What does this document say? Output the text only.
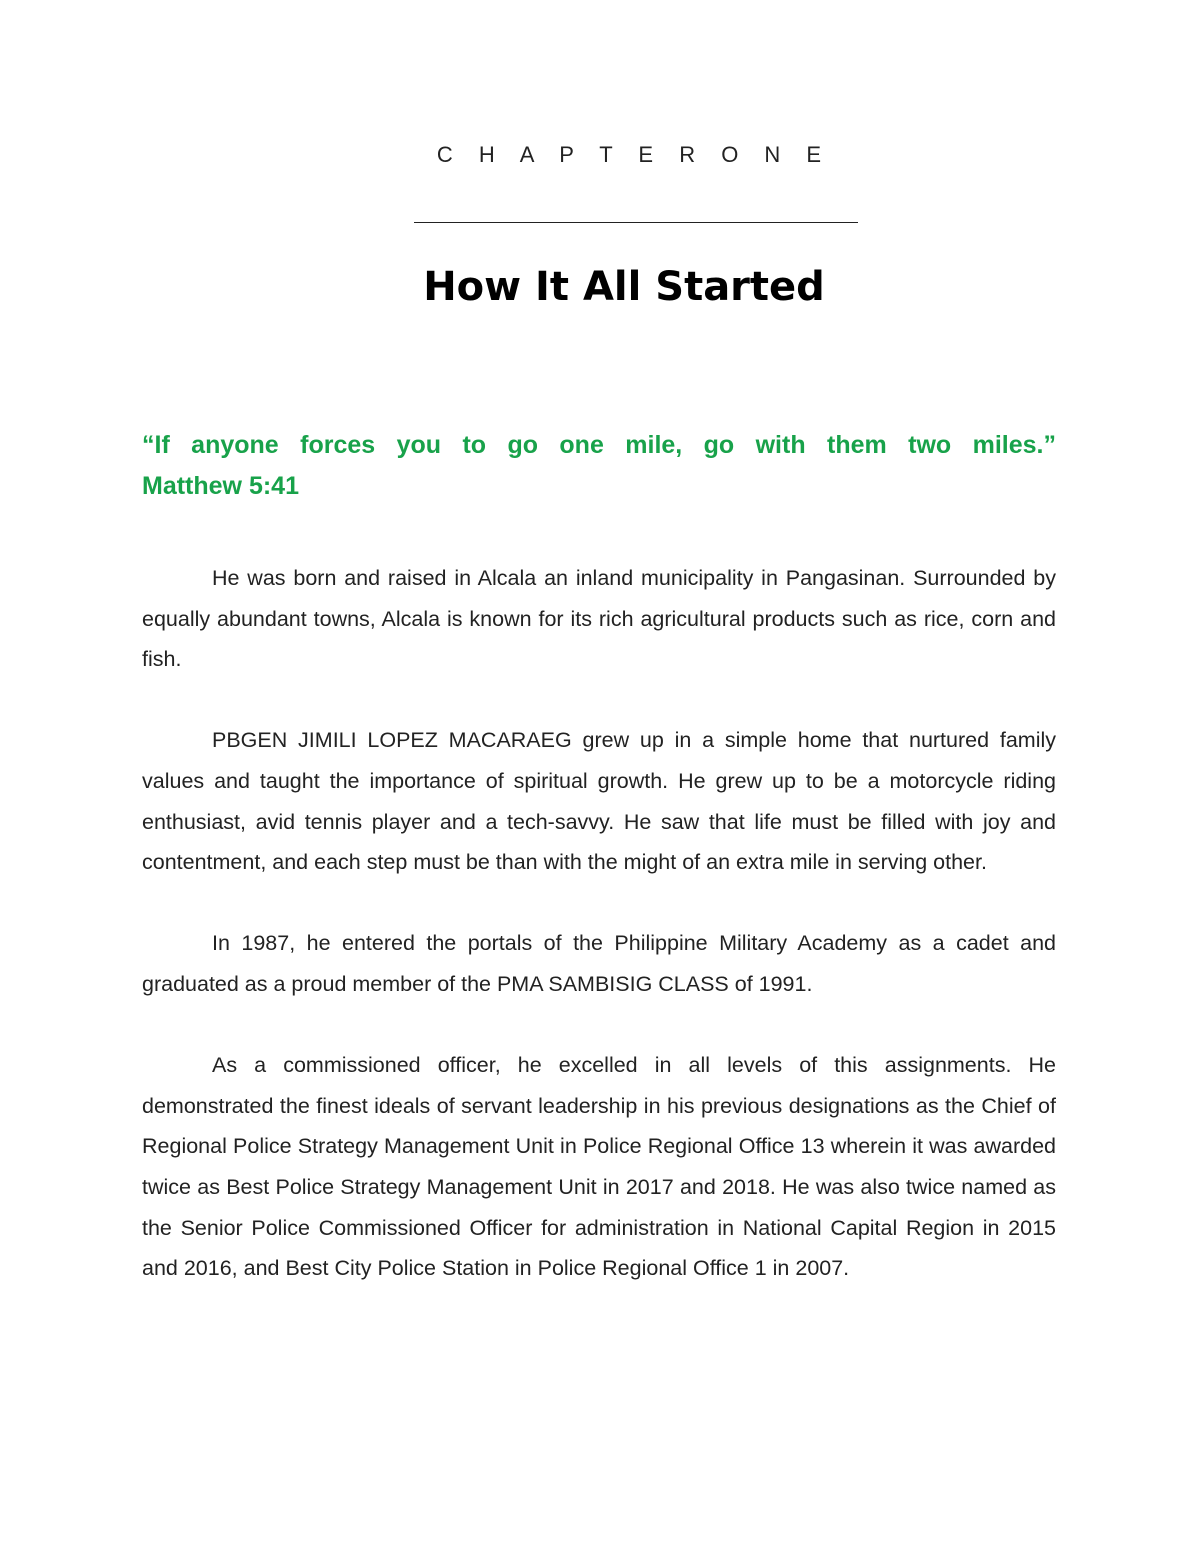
C H A P T E R O N E
How It All Started
“If anyone forces you to go one mile, go with them two miles.”
Matthew 5:41

He was born and raised in Alcala an inland municipality in Pangasinan. Surrounded by equally abundant towns, Alcala is known for its rich agricultural products such as rice, corn and fish.

PBGEN JIMILI LOPEZ MACARAEG grew up in a simple home that nurtured family values and taught the importance of spiritual growth. He grew up to be a motorcycle riding enthusiast, avid tennis player and a tech-savvy. He saw that life must be filled with joy and contentment, and each step must be than with the might of an extra mile in serving other.

In 1987, he entered the portals of the Philippine Military Academy as a cadet and graduated as a proud member of the PMA SAMBISIG CLASS of 1991.

As a commissioned officer, he excelled in all levels of this assignments. He demonstrated the finest ideals of servant leadership in his previous designations as the Chief of Regional Police Strategy Management Unit in Police Regional Office 13 wherein it was awarded twice as Best Police Strategy Management Unit in 2017 and 2018. He was also twice named as the Senior Police Commissioned Officer for administration in National Capital Region in 2015 and 2016, and Best City Police Station in Police Regional Office 1 in 2007.
